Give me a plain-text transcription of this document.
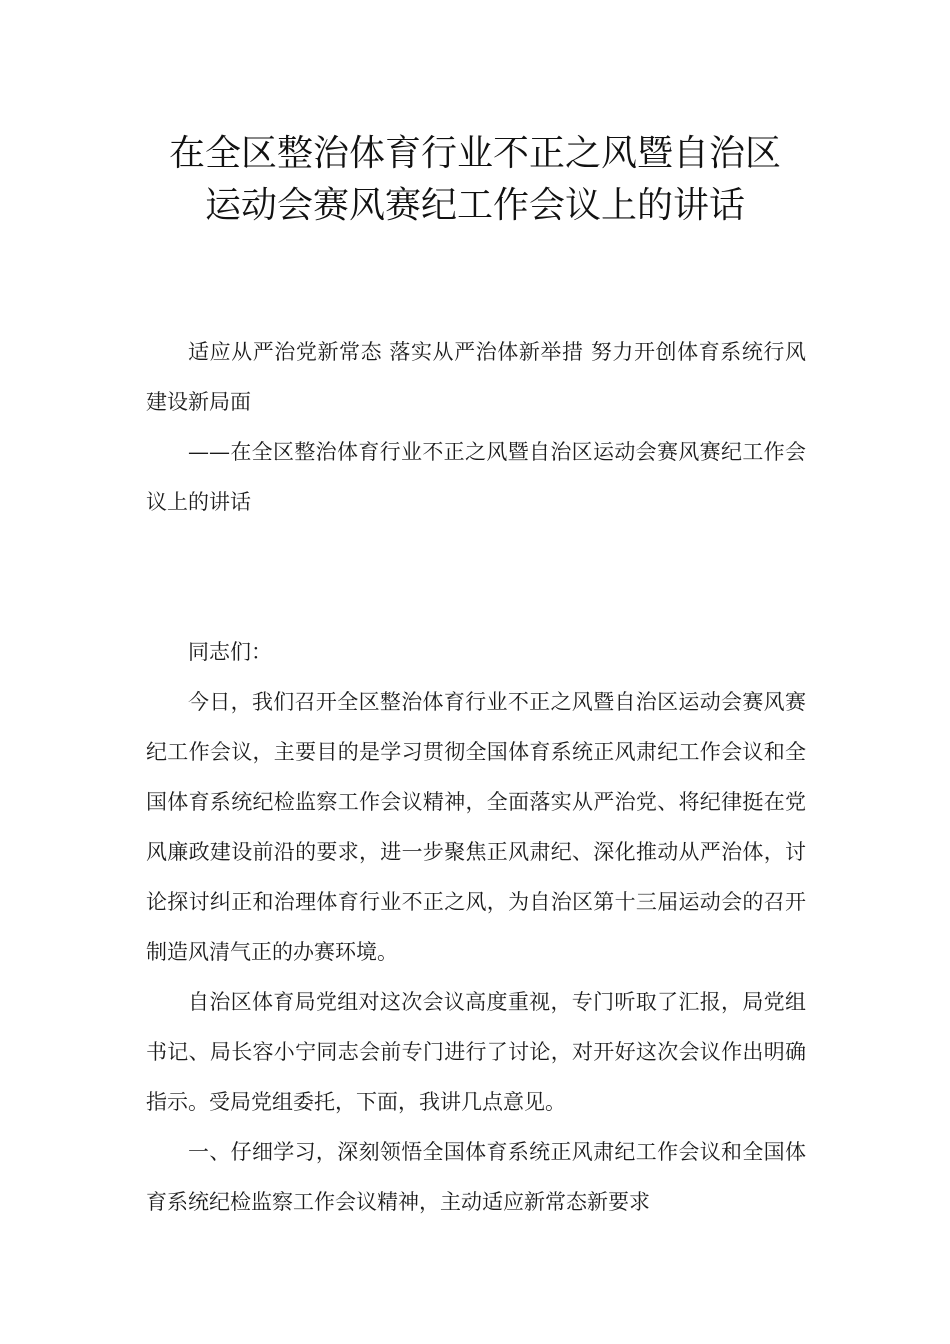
在全区整治体育行业不正之风暨自治区
运动会赛风赛纪工作会议上的讲话

适应从严治党新常态 落实从严治体新举措 努力开创体育系统行风建设新局面

——在全区整治体育行业不正之风暨自治区运动会赛风赛纪工作会议上的讲话

同志们：

今日，我们召开全区整治体育行业不正之风暨自治区运动会赛风赛纪工作会议，主要目的是学习贯彻全国体育系统正风肃纪工作会议和全国体育系统纪检监察工作会议精神，全面落实从严治党、将纪律挺在党风廉政建设前沿的要求，进一步聚焦正风肃纪、深化推动从严治体，讨论探讨纠正和治理体育行业不正之风，为自治区第十三届运动会的召开制造风清气正的办赛环境。

自治区体育局党组对这次会议高度重视，专门听取了汇报，局党组书记、局长容小宁同志会前专门进行了讨论，对开好这次会议作出明确指示。受局党组委托，下面，我讲几点意见。

一、仔细学习，深刻领悟全国体育系统正风肃纪工作会议和全国体育系统纪检监察工作会议精神，主动适应新常态新要求
